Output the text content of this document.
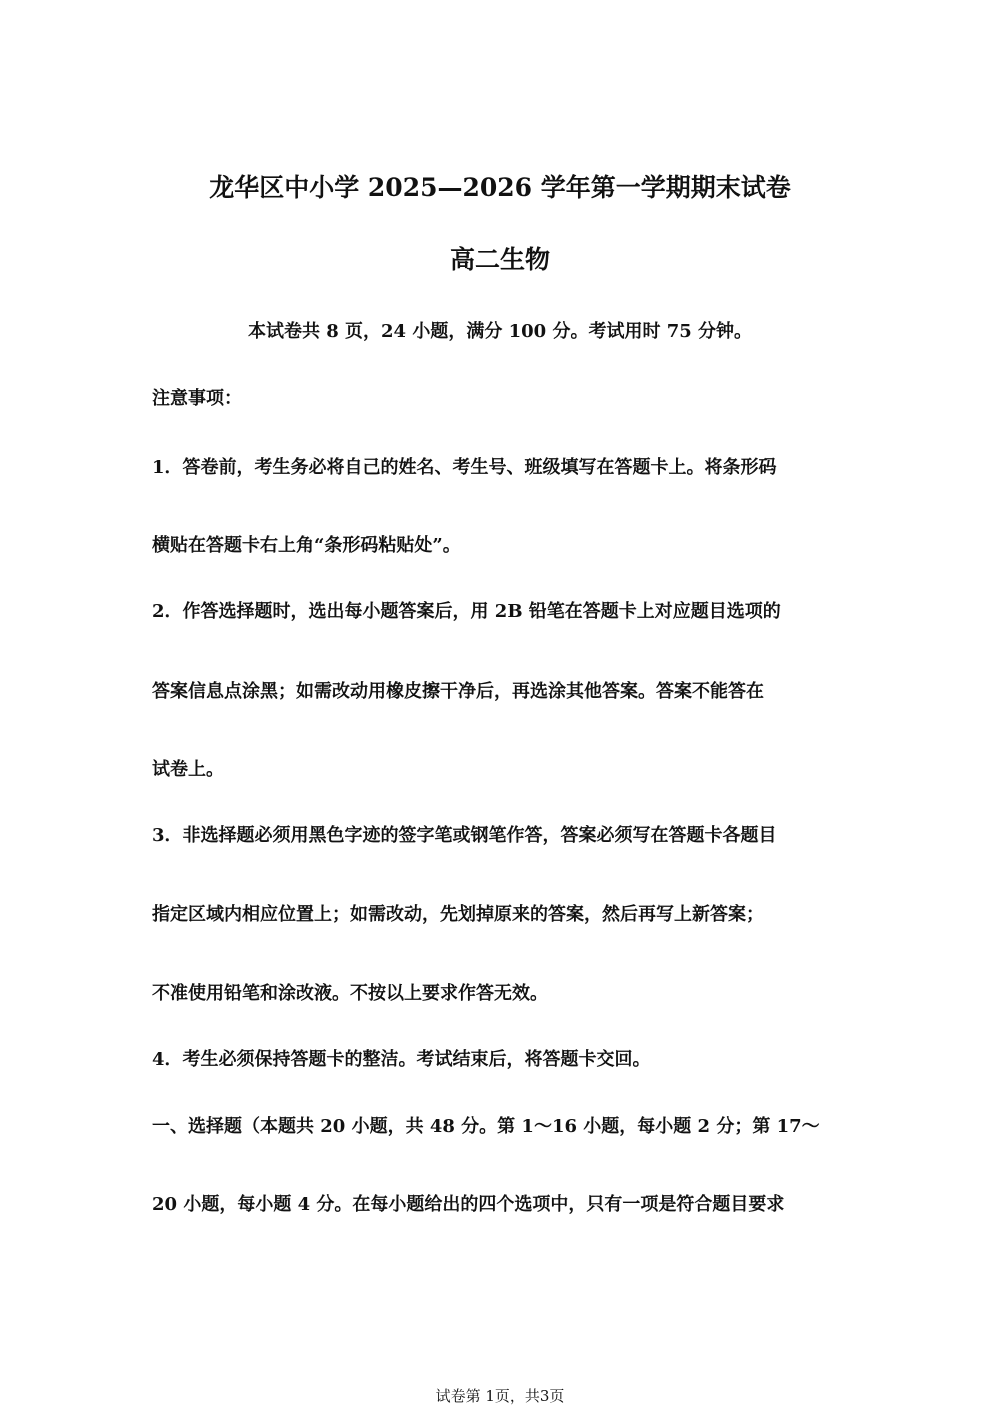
龙华区中小学 2025—2026 学年第一学期期末试卷
高二生物
本试卷共 8 页，24 小题，满分 100 分。考试用时 75 分钟。
注意事项：
1．答卷前，考生务必将自己的姓名、考生号、班级填写在答题卡上。将条形码
横贴在答题卡右上角“条形码粘贴处”。
2．作答选择题时，选出每小题答案后，用 2B 铅笔在答题卡上对应题目选项的
答案信息点涂黑；如需改动用橡皮擦干净后，再选涂其他答案。答案不能答在
试卷上。
3．非选择题必须用黑色字迹的签字笔或钢笔作答，答案必须写在答题卡各题目
指定区域内相应位置上；如需改动，先划掉原来的答案，然后再写上新答案；
不准使用铅笔和涂改液。不按以上要求作答无效。
4．考生必须保持答题卡的整洁。考试结束后，将答题卡交回。
一、选择题（本题共 20 小题，共 48 分。第 1～16 小题，每小题 2 分；第 17～
20 小题，每小题 4 分。在每小题给出的四个选项中，只有一项是符合题目要求
试卷第 1页，共3页
